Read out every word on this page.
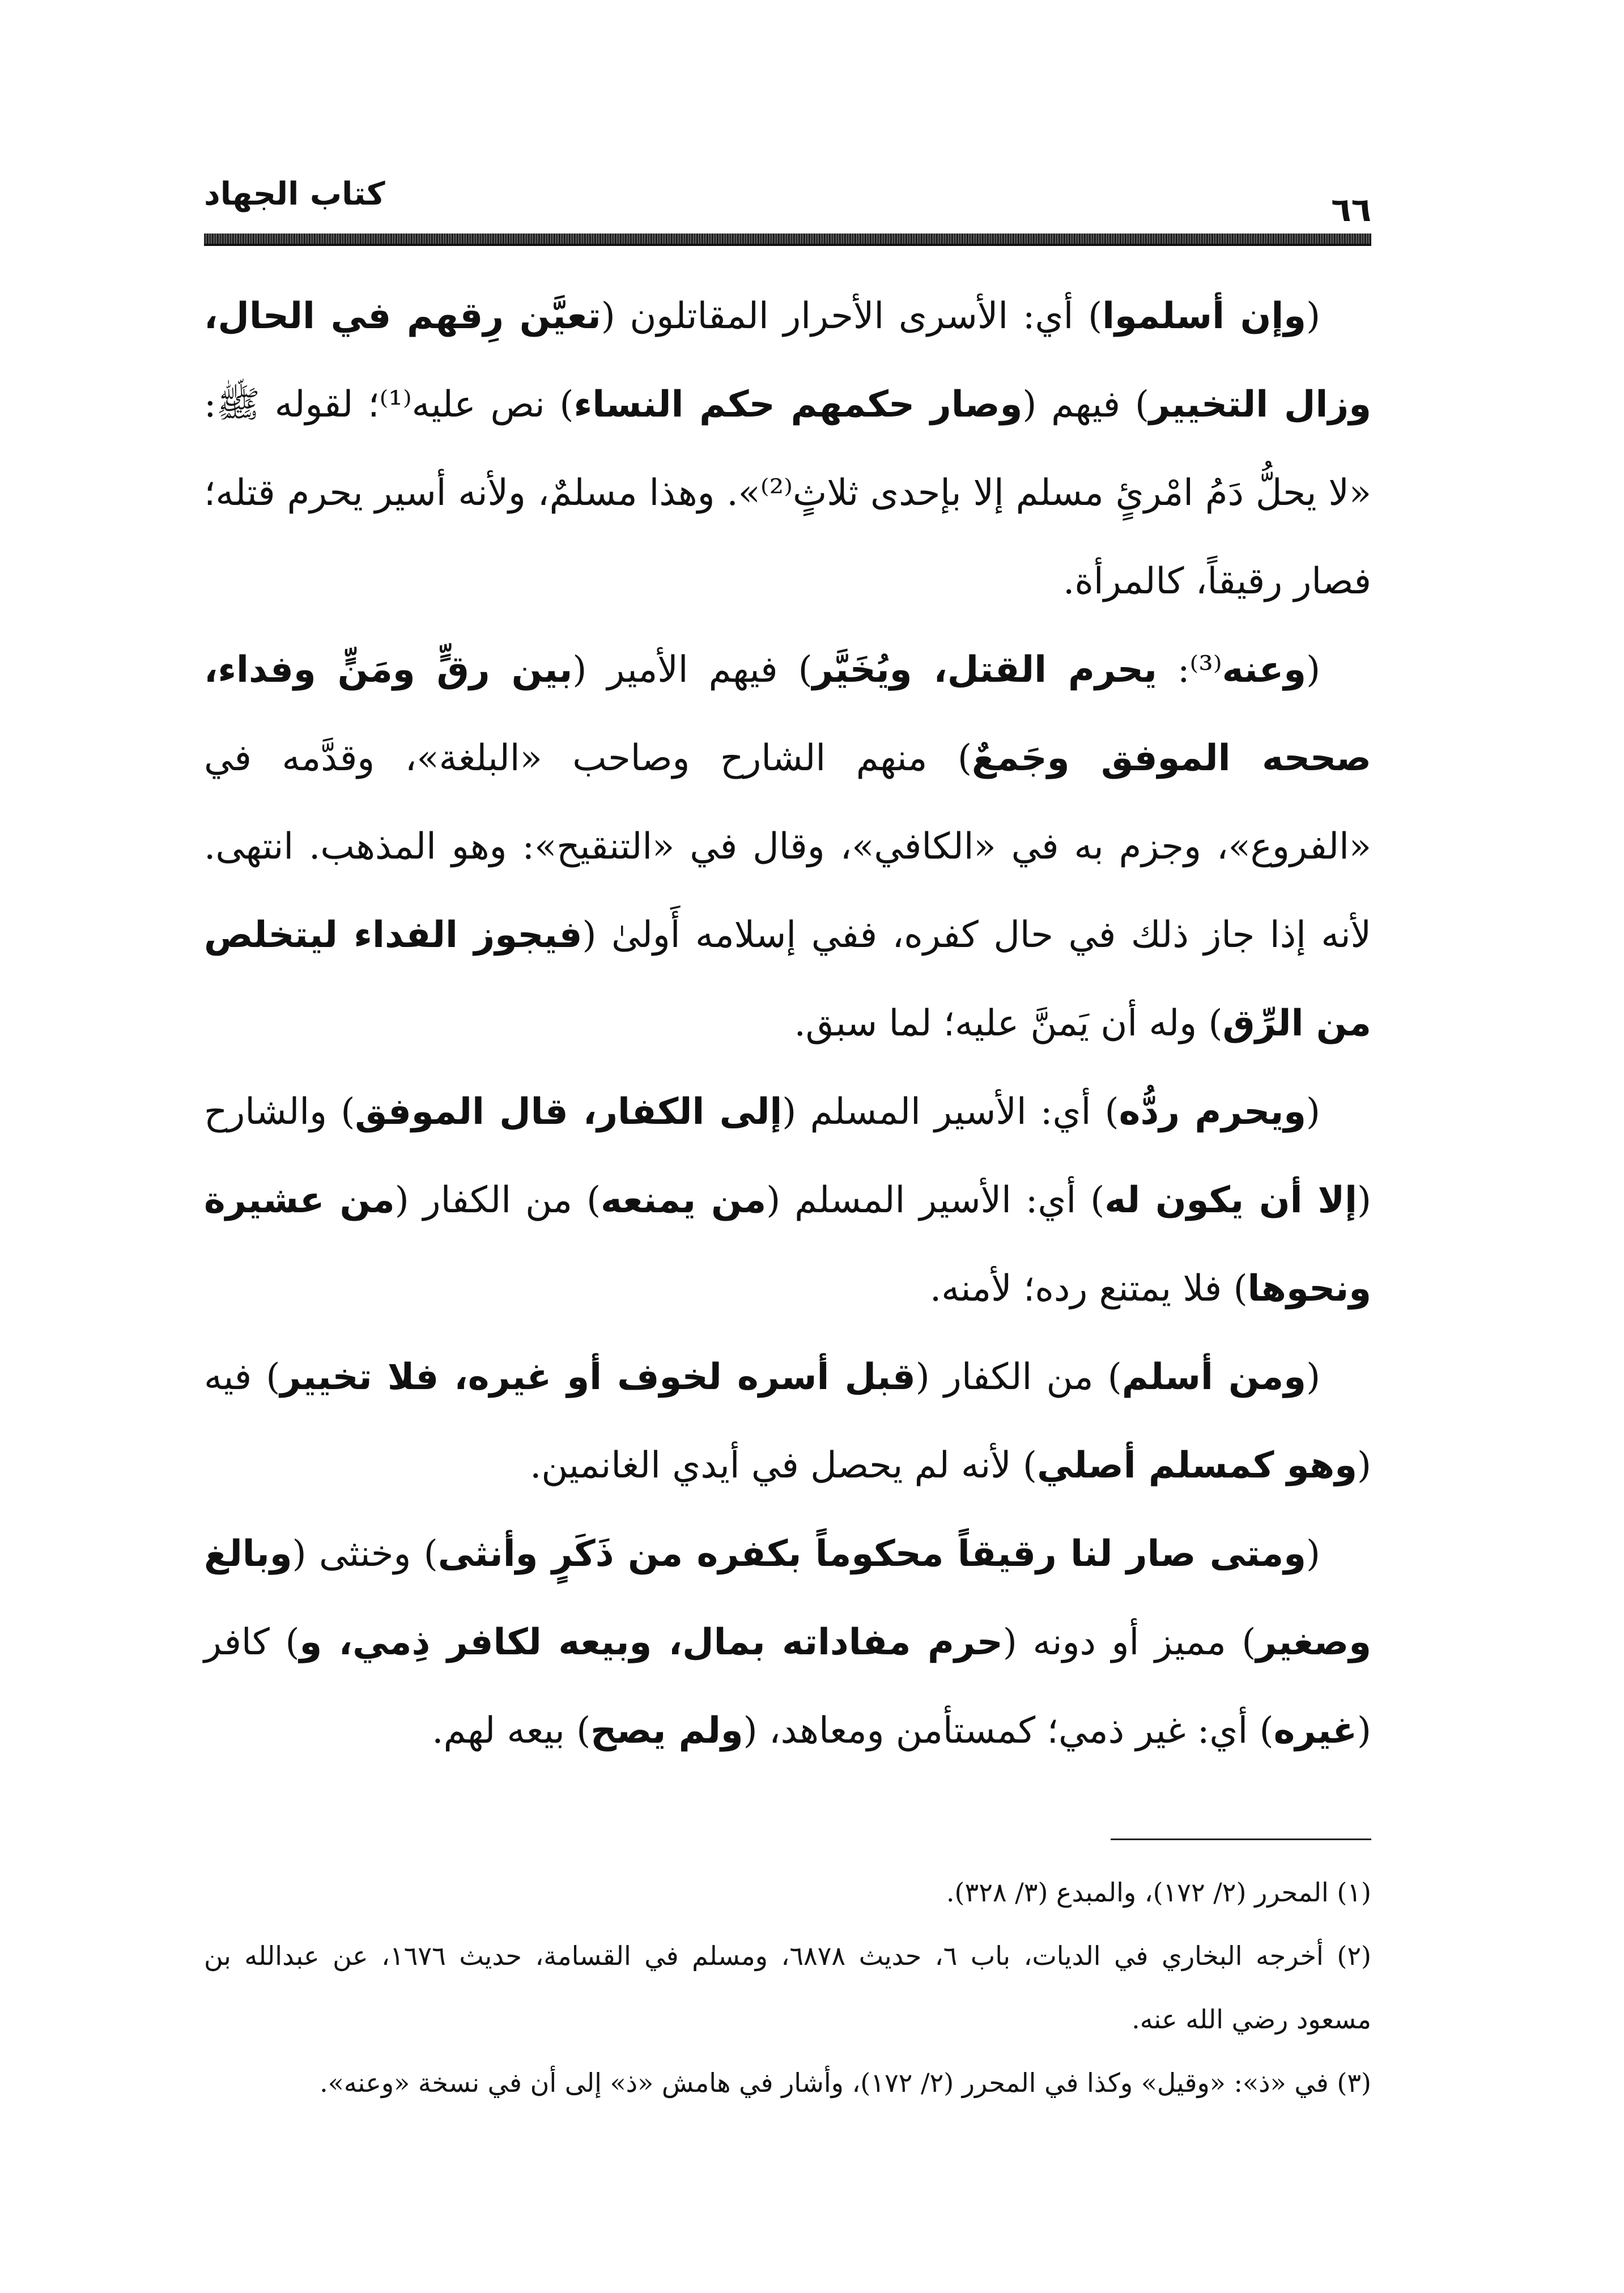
٦٦
كتاب الجهاد

(وإن أسلموا) أي: الأسرى الأحرار المقاتلون (تعيَّن رِقهم في الحال، وزال التخيير) فيهم (وصار حكمهم حكم النساء) نص عليه⁽¹⁾؛ لقوله ﷺ: «لا يحلُّ دَمُ امْرئٍ مسلم إلا بإحدى ثلاثٍ⁽²⁾». وهذا مسلمٌ، ولأنه أسير يحرم قتله؛ فصار رقيقاً، كالمرأة.

(وعنه⁽³⁾: يحرم القتل، ويُخَيَّر) فيهم الأمير (بين رقٍّ ومَنٍّ وفداء، صححه الموفق وجَمعٌ) منهم الشارح وصاحب «البلغة»، وقدَّمه في «الفروع»، وجزم به في «الكافي»، وقال في «التنقيح»: وهو المذهب. انتهى. لأنه إذا جاز ذلك في حال كفره، ففي إسلامه أَولىٰ (فيجوز الفداء ليتخلص من الرِّق) وله أن يَمنَّ عليه؛ لما سبق.

(ويحرم ردُّه) أي: الأسير المسلم (إلى الكفار، قال الموفق) والشارح (إلا أن يكون له) أي: الأسير المسلم (من يمنعه) من الكفار (من عشيرة ونحوها) فلا يمتنع رده؛ لأمنه.

(ومن أسلم) من الكفار (قبل أسره لخوف أو غيره، فلا تخيير) فيه (وهو كمسلم أصلي) لأنه لم يحصل في أيدي الغانمين.

(ومتى صار لنا رقيقاً محكوماً بكفره من ذَكَرٍ وأنثى) وخنثى (وبالغ وصغير) مميز أو دونه (حرم مفاداته بمال، وبيعه لكافر ذِمي، و) كافر (غيره) أي: غير ذمي؛ كمستأمن ومعاهد، (ولم يصح) بيعه لهم.

(١) المحرر (٢/ ١٧٢)، والمبدع (٣/ ٣٢٨).

(٢) أخرجه البخاري في الديات، باب ٦، حديث ٦٨٧٨، ومسلم في القسامة، حديث ١٦٧٦، عن عبدالله بن مسعود رضي الله عنه.

(٣) في «ذ»: «وقيل» وكذا في المحرر (٢/ ١٧٢)، وأشار في هامش «ذ» إلى أن في نسخة «وعنه».
